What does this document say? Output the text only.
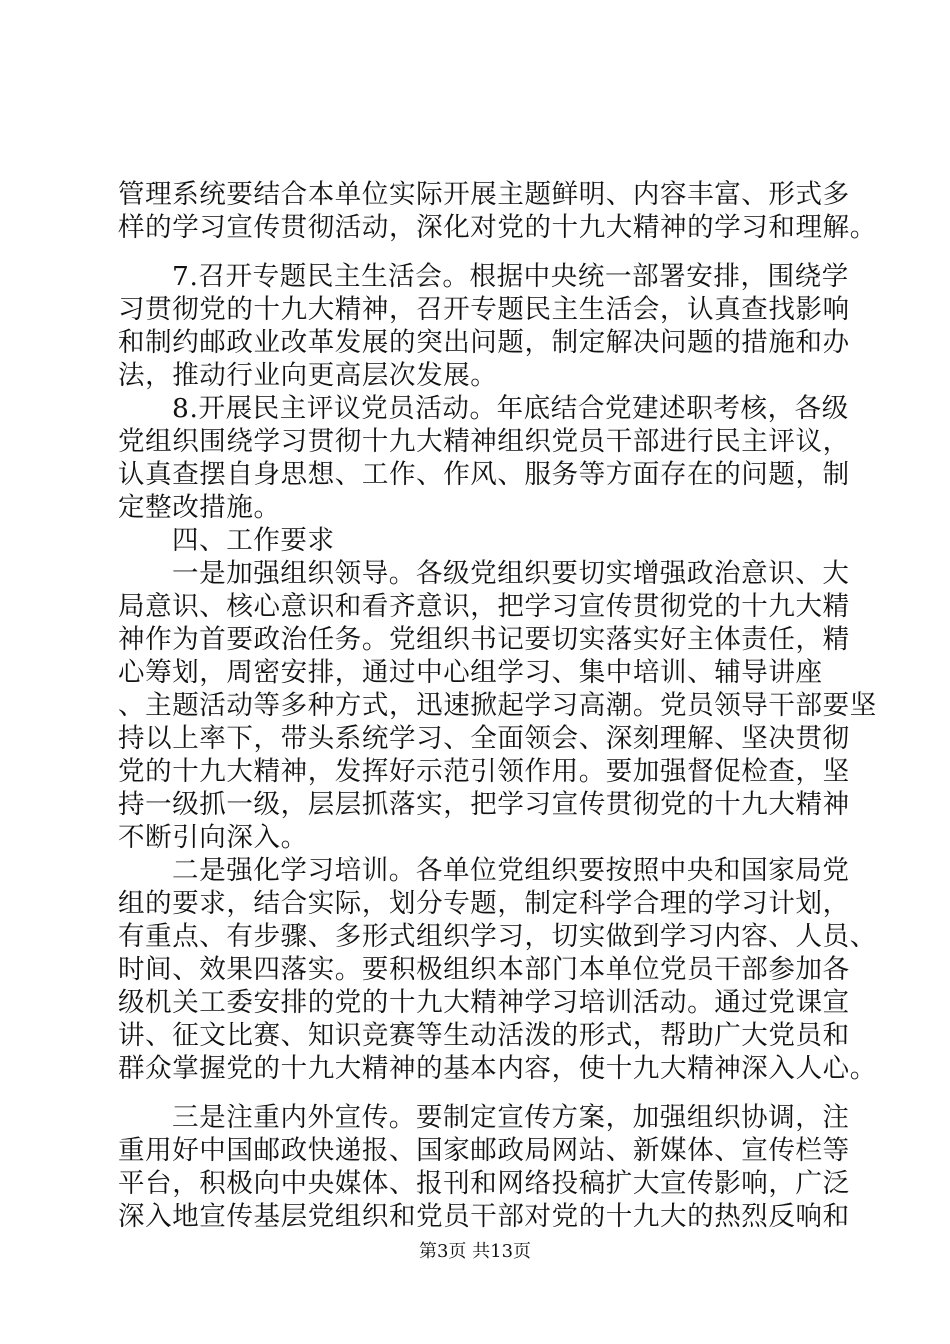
管理系统要结合本单位实际开展主题鲜明、内容丰富、形式多
样的学习宣传贯彻活动，深化对党的十九大精神的学习和理解。
7.召开专题民主生活会。根据中央统一部署安排，围绕学
习贯彻党的十九大精神，召开专题民主生活会，认真查找影响
和制约邮政业改革发展的突出问题，制定解决问题的措施和办
法，推动行业向更高层次发展。
8.开展民主评议党员活动。年底结合党建述职考核，各级
党组织围绕学习贯彻十九大精神组织党员干部进行民主评议，
认真查摆自身思想、工作、作风、服务等方面存在的问题，制
定整改措施。
四、工作要求
一是加强组织领导。各级党组织要切实增强政治意识、大
局意识、核心意识和看齐意识，把学习宣传贯彻党的十九大精
神作为首要政治任务。党组织书记要切实落实好主体责任，精
心筹划，周密安排，通过中心组学习、集中培训、辅导讲座
、主题活动等多种方式，迅速掀起学习高潮。党员领导干部要坚
持以上率下，带头系统学习、全面领会、深刻理解、坚决贯彻
党的十九大精神，发挥好示范引领作用。要加强督促检查，坚
持一级抓一级，层层抓落实，把学习宣传贯彻党的十九大精神
不断引向深入。
二是强化学习培训。各单位党组织要按照中央和国家局党
组的要求，结合实际，划分专题，制定科学合理的学习计划，
有重点、有步骤、多形式组织学习，切实做到学习内容、人员、
时间、效果四落实。要积极组织本部门本单位党员干部参加各
级机关工委安排的党的十九大精神学习培训活动。通过党课宣
讲、征文比赛、知识竞赛等生动活泼的形式，帮助广大党员和
群众掌握党的十九大精神的基本内容，使十九大精神深入人心。
三是注重内外宣传。要制定宣传方案，加强组织协调，注
重用好中国邮政快递报、国家邮政局网站、新媒体、宣传栏等
平台，积极向中央媒体、报刊和网络投稿扩大宣传影响，广泛
深入地宣传基层党组织和党员干部对党的十九大的热烈反响和
第3页 共13页
